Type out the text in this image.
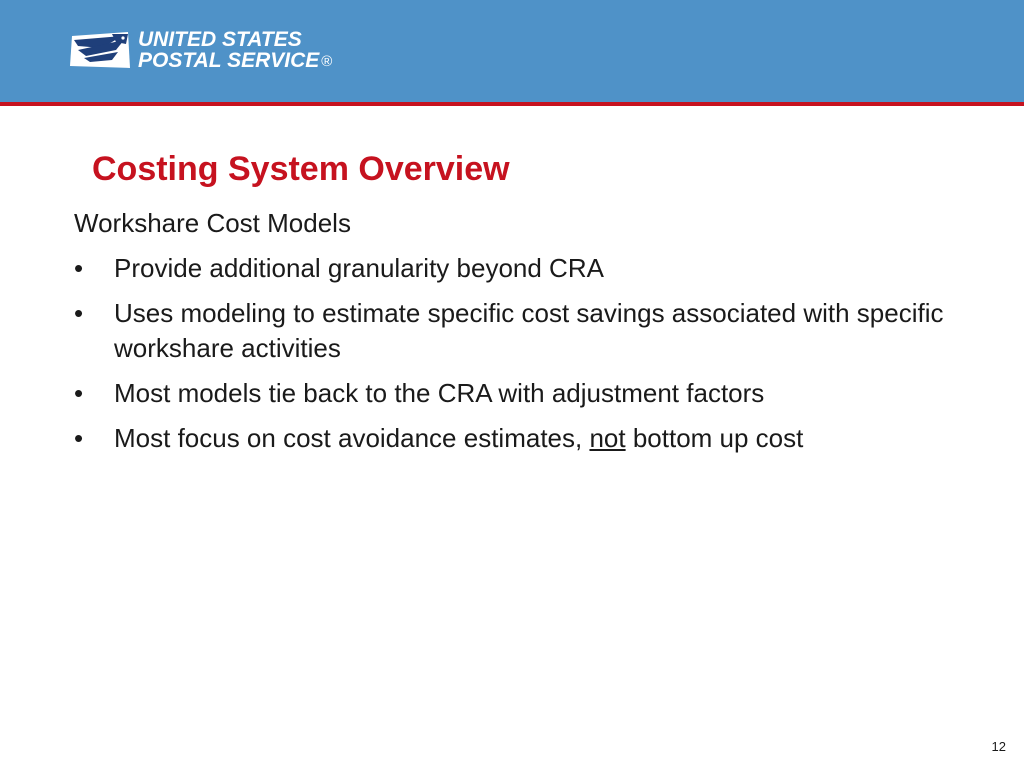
UNITED STATES
POSTAL SERVICE ®
Costing System Overview

Workshare Cost Models

•	Provide additional granularity beyond CRA
•	Uses modeling to estimate specific cost savings associated with specific workshare activities
•	Most models tie back to the CRA with adjustment factors
•	Most focus on cost avoidance estimates, not bottom up cost
12
